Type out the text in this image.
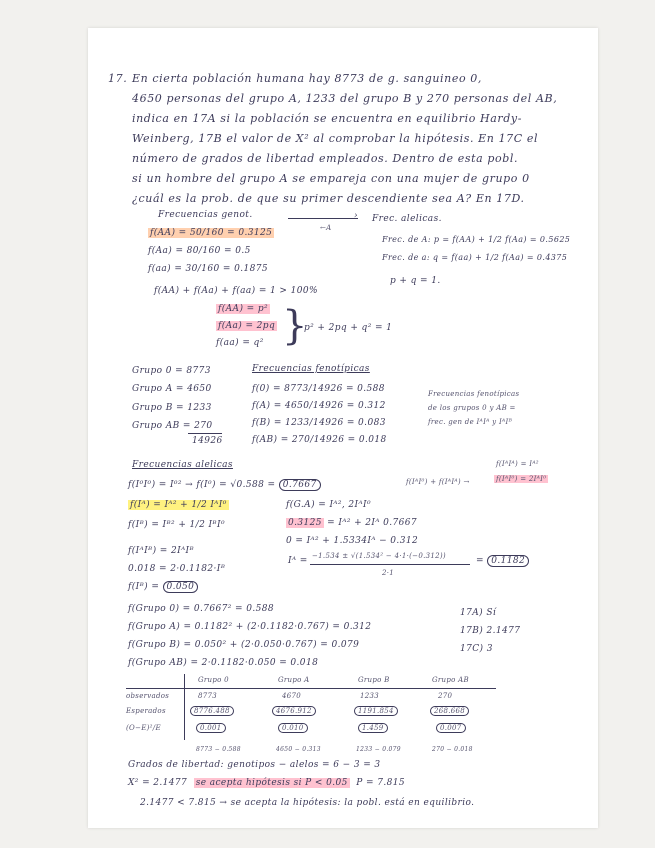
17. En cierta población humana hay 8773 de g. sanguineo 0,
4650 personas del grupo A, 1233 del grupo B y 270 personas del AB,
indica en 17A si la población se encuentra en equilibrio Hardy-
Weinberg, 17B el valor de X² al comprobar la hipótesis. En 17C el
número de grados de libertad empleados. Dentro de esta pobl.
si un hombre del grupo A se empareja con una mujer de grupo 0
¿cuál es la prob. de que su primer descendiente sea A? En 17D.
Frecuencias genot.	›
←A
f(AA) = 50/160 = 0.3125
f(Aa) = 80/160 = 0.5
f(aa) = 30/160 = 0.1875
f(AA) + f(Aa) + f(aa) = 1 > 100%
Frec. alelicas.
Frec. de A: p = f(AA) + 1/2 f(Aa) = 0.5625
Frec. de a: q = f(aa) + 1/2 f(Aa) = 0.4375
p + q = 1.
f(AA) = p²
f(Aa) = 2pq
f(aa) = q² }
p² + 2pq + q² = 1
Grupo 0 = 8773
Grupo A = 4650
Grupo B = 1233
Grupo AB = 270
14926
Frecuencias fenotípicas
f(0) = 8773/14926 = 0.588
f(A) = 4650/14926 = 0.312
f(B) = 1233/14926 = 0.083
f(AB) = 270/14926 = 0.018
Frecuencias fenotípicas
de los grupos 0 y AB =
frec. gen de IᴬIᴬ y IᴬIᴮ
Frecuencias alelicas
f(I⁰I⁰) = I⁰² → f(I⁰) = √0.588 = 0.7667
f(Iᴬ) = Iᴬ² + 1/2 IᴬI⁰
f(Iᴮ) = Iᴮ² + 1/2 IᴮI⁰
f(IᴬI⁰) + f(IᴬIᴬ) →
f(IᴬIᴬ) = Iᴬ²
f(IᴬI⁰) = 2IᴬI⁰
f(G.A) = Iᴬ², 2IᴬI⁰
0.3125 = Iᴬ² + 2Iᴬ 0.7667
0 = Iᴬ² + 1.5334Iᴬ − 0.312
Iᴬ = −1.534 ± √(1.534² − 4·1·(−0.312))
2·1
= 0.1182
f(IᴬIᴮ) = 2IᴬIᴮ
0.018 = 2·0.1182·Iᴮ
f(Iᴮ) = 0.050
f(Grupo 0) = 0.7667² = 0.588
f(Grupo A) = 0.1182² + (2·0.1182·0.767) = 0.312
f(Grupo B) = 0.050² + (2·0.050·0.767) = 0.079
f(Grupo AB) = 2·0.1182·0.050 = 0.018
17A) Sí
17B) 2.1477
17C) 3
Grupo 0	Grupo A	Grupo B	Grupo AB
observados	8773	4670	1233	270
Esperados	8776.488	4676.912	1191.854	268.668
(O−E)²/E	0.001	0.010	1.459	0.007
8773 − 0.588	4650 − 0.313	1233 − 0.079	270 − 0.018
Grados de libertad: genotipos − alelos = 6 − 3 = 3
X² = 2.1477 se acepta hipótesis si P < 0.05 P = 7.815
2.1477 < 7.815 → se acepta la hipótesis: la pobl. está en equilibrio.
